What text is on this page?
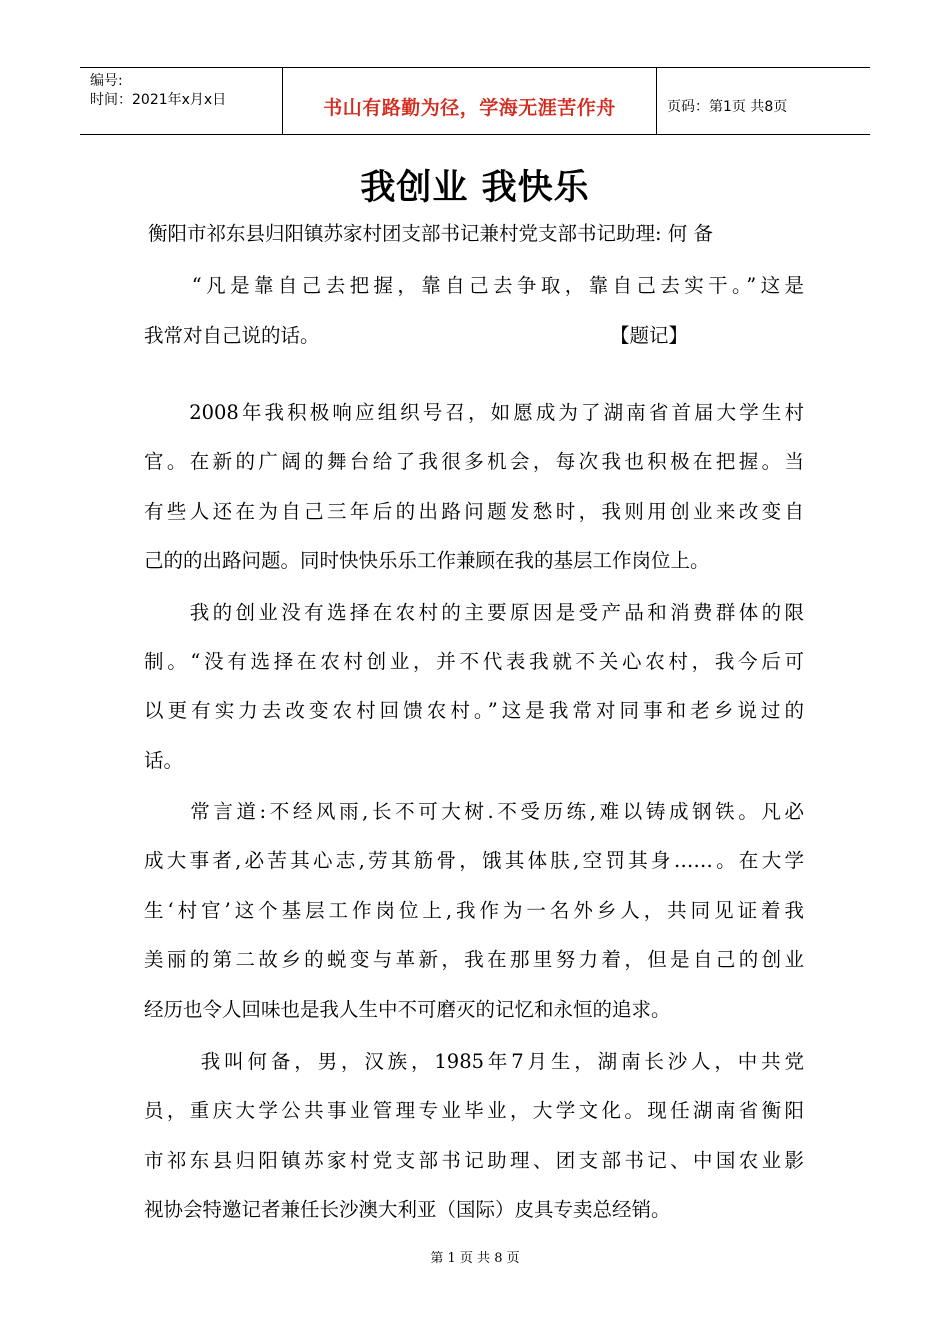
编号:
时间：2021年x月x日	书山有路勤为径，学海无涯苦作舟	页码：第1页 共8页
我创业 我快乐
衡阳市祁东县归阳镇苏家村团支部书记兼村党支部书记助理: 何 备
　　“凡是靠自己去把握，靠自己去争取，靠自己去实干。”这是
我常对自己说的话。	【题记】
　　2008年我积极响应组织号召，如愿成为了湖南省首届大学生村
官。在新的广阔的舞台给了我很多机会，每次我也积极在把握。当
有些人还在为自己三年后的出路问题发愁时，我则用创业来改变自
己的的出路问题。同时快快乐乐工作兼顾在我的基层工作岗位上。
　　我的创业没有选择在农村的主要原因是受产品和消费群体的限
制。“没有选择在农村创业，并不代表我就不关心农村，我今后可
以更有实力去改变农村回馈农村。”这是我常对同事和老乡说过的
话。
　　常言道:不经风雨,长不可大树.不受历练,难以铸成钢铁。凡必
成大事者,必苦其心志,劳其筋骨，饿其体肤,空罚其身……。在大学
生‘村官’这个基层工作岗位上,我作为一名外乡人，共同见证着我
美丽的第二故乡的蜕变与革新，我在那里努力着，但是自己的创业
经历也令人回味也是我人生中不可磨灭的记忆和永恒的追求。
　　 我叫何备，男，汉族，1985年7月生，湖南长沙人，中共党
员，重庆大学公共事业管理专业毕业，大学文化。现任湖南省衡阳
市祁东县归阳镇苏家村党支部书记助理、团支部书记、中国农业影
视协会特邀记者兼任长沙澳大利亚（国际）皮具专卖总经销。
第 1 页 共 8 页
